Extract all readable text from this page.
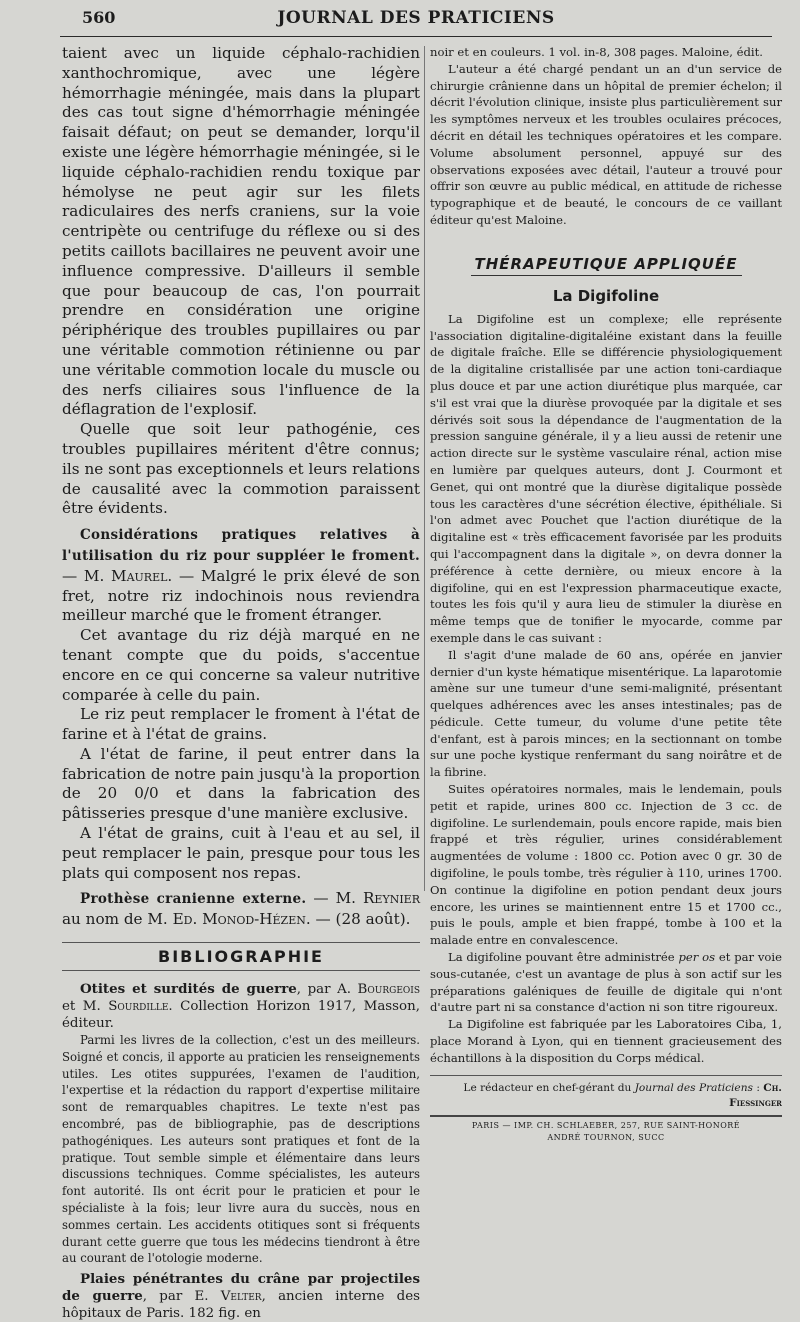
560	JOURNAL DES PRATICIENS

taient avec un liquide céphalo-rachidien xanthochromique, avec une légère hémorrhagie méningée, mais dans la plupart des cas tout signe d'hémorrhagie méningée faisait défaut; on peut se demander, lorqu'il existe une légère hémorrhagie méningée, si le liquide céphalo-rachidien rendu toxique par hémolyse ne peut agir sur les filets radiculaires des nerfs craniens, sur la voie centripète ou centrifuge du réflexe ou si des petits caillots bacillaires ne peuvent avoir une influence compressive. D'ailleurs il semble que pour beaucoup de cas, l'on pourrait prendre en considération une origine périphérique des troubles pupillaires ou par une véritable commotion rétinienne ou par une véritable commotion locale du muscle ou des nerfs ciliaires sous l'influence de la déflagration de l'explosif.

Quelle que soit leur pathogénie, ces troubles pupillaires méritent d'être connus; ils ne sont pas exceptionnels et leurs relations de causalité avec la commotion paraissent être évidents.

Considérations pratiques relatives à l'utilisation du riz pour suppléer le froment. — M. Maurel. — Malgré le prix élevé de son fret, notre riz indochinois nous reviendra meilleur marché que le froment étranger.

Cet avantage du riz déjà marqué en ne tenant compte que du poids, s'accentue encore en ce qui concerne sa valeur nutritive comparée à celle du pain.

Le riz peut remplacer le froment à l'état de farine et à l'état de grains.

A l'état de farine, il peut entrer dans la fabrication de notre pain jusqu'à la proportion de 20 0/0 et dans la fabrication des pâtisseries presque d'une manière exclusive.

A l'état de grains, cuit à l'eau et au sel, il peut remplacer le pain, presque pour tous les plats qui composent nos repas.

Prothèse cranienne externe. — M. Reynier au nom de M. Ed. Monod-Hézen. — (28 août).

BIBLIOGRAPHIE

Otites et surdités de guerre, par A. Bourgeois et M. Sourdille. Collection Horizon 1917, Masson, éditeur.

Parmi les livres de la collection, c'est un des meilleurs. Soigné et concis, il apporte au praticien les renseignements utiles. Les otites suppurées, l'examen de l'audition, l'expertise et la rédaction du rapport d'expertise militaire sont de remarquables chapitres. Le texte n'est pas encombré, pas de bibliographie, pas de descriptions pathogéniques. Les auteurs sont pratiques et font de la pratique. Tout semble simple et élémentaire dans leurs discussions techniques. Comme spécialistes, les auteurs font autorité. Ils ont écrit pour le praticien et pour le spécialiste à la fois; leur livre aura du succès, nous en sommes certain. Les accidents otitiques sont si fréquents durant cette guerre que tous les médecins tiendront à être au courant de l'otologie moderne.

Plaies pénétrantes du crâne par projectiles de guerre, par E. Velter, ancien interne des hôpitaux de Paris. 182 fig. en

noir et en couleurs. 1 vol. in-8, 308 pages. Maloine, édit.

L'auteur a été chargé pendant un an d'un service de chirurgie crânienne dans un hôpital de premier échelon; il décrit l'évolution clinique, insiste plus particulièrement sur les symptômes nerveux et les troubles oculaires précoces, décrit en détail les techniques opératoires et les compare. Volume absolument personnel, appuyé sur des observations exposées avec détail, l'auteur a trouvé pour offrir son œuvre au public médical, en attitude de richesse typographique et de beauté, le concours de ce vaillant éditeur qu'est Maloine.

THÉRAPEUTIQUE APPLIQUÉE
La Digifoline

La Digifoline est un complexe; elle représente l'association digitaline-digitaléine existant dans la feuille de digitale fraîche. Elle se différencie physiologiquement de la digitaline cristallisée par une action toni-cardiaque plus douce et par une action diurétique plus marquée, car s'il est vrai que la diurèse provoquée par la digitale et ses dérivés soit sous la dépendance de l'augmentation de la pression sanguine générale, il y a lieu aussi de retenir une action directe sur le système vasculaire rénal, action mise en lumière par quelques auteurs, dont J. Courmont et Genet, qui ont montré que la diurèse digitalique possède tous les caractères d'une sécrétion élective, épithéliale. Si l'on admet avec Pouchet que l'action diurétique de la digitaline est « très efficacement favorisée par les produits qui l'accompagnent dans la digitale », on devra donner la préférence à cette dernière, ou mieux encore à la digifoline, qui en est l'expression pharmaceutique exacte, toutes les fois qu'il y aura lieu de stimuler la diurèse en même temps que de tonifier le myocarde, comme par exemple dans le cas suivant :

Il s'agit d'une malade de 60 ans, opérée en janvier dernier d'un kyste hématique misentérique. La laparotomie amène sur une tumeur d'une semi-malignité, présentant quelques adhérences avec les anses intestinales; pas de pédicule. Cette tumeur, du volume d'une petite tête d'enfant, est à parois minces; en la sectionnant on tombe sur une poche kystique renfermant du sang noirâtre et de la fibrine.

Suites opératoires normales, mais le lendemain, pouls petit et rapide, urines 800 cc. Injection de 3 cc. de digifoline. Le surlendemain, pouls encore rapide, mais bien frappé et très régulier, urines considérablement augmentées de volume : 1800 cc. Potion avec 0 gr. 30 de digifoline, le pouls tombe, très régulier à 110, urines 1700. On continue la digifoline en potion pendant deux jours encore, les urines se maintiennent entre 15 et 1700 cc., puis le pouls, ample et bien frappé, tombe à 100 et la malade entre en convalescence.

La digifoline pouvant être administrée per os et par voie sous-cutanée, c'est un avantage de plus à son actif sur les préparations galéniques de feuille de digitale qui n'ont d'autre part ni sa constance d'action ni son titre rigoureux.

La Digifoline est fabriquée par les Laboratoires Ciba, 1, place Morand à Lyon, qui en tiennent gracieusement des échantillons à la disposition du Corps médical.

Le rédacteur en chef-gérant du Journal des Praticiens : Ch. Fiessinger
PARIS — IMP. CH. SCHLAEBER, 257, RUE SAINT-HONORÉ
ANDRÉ TOURNON, SUCC
